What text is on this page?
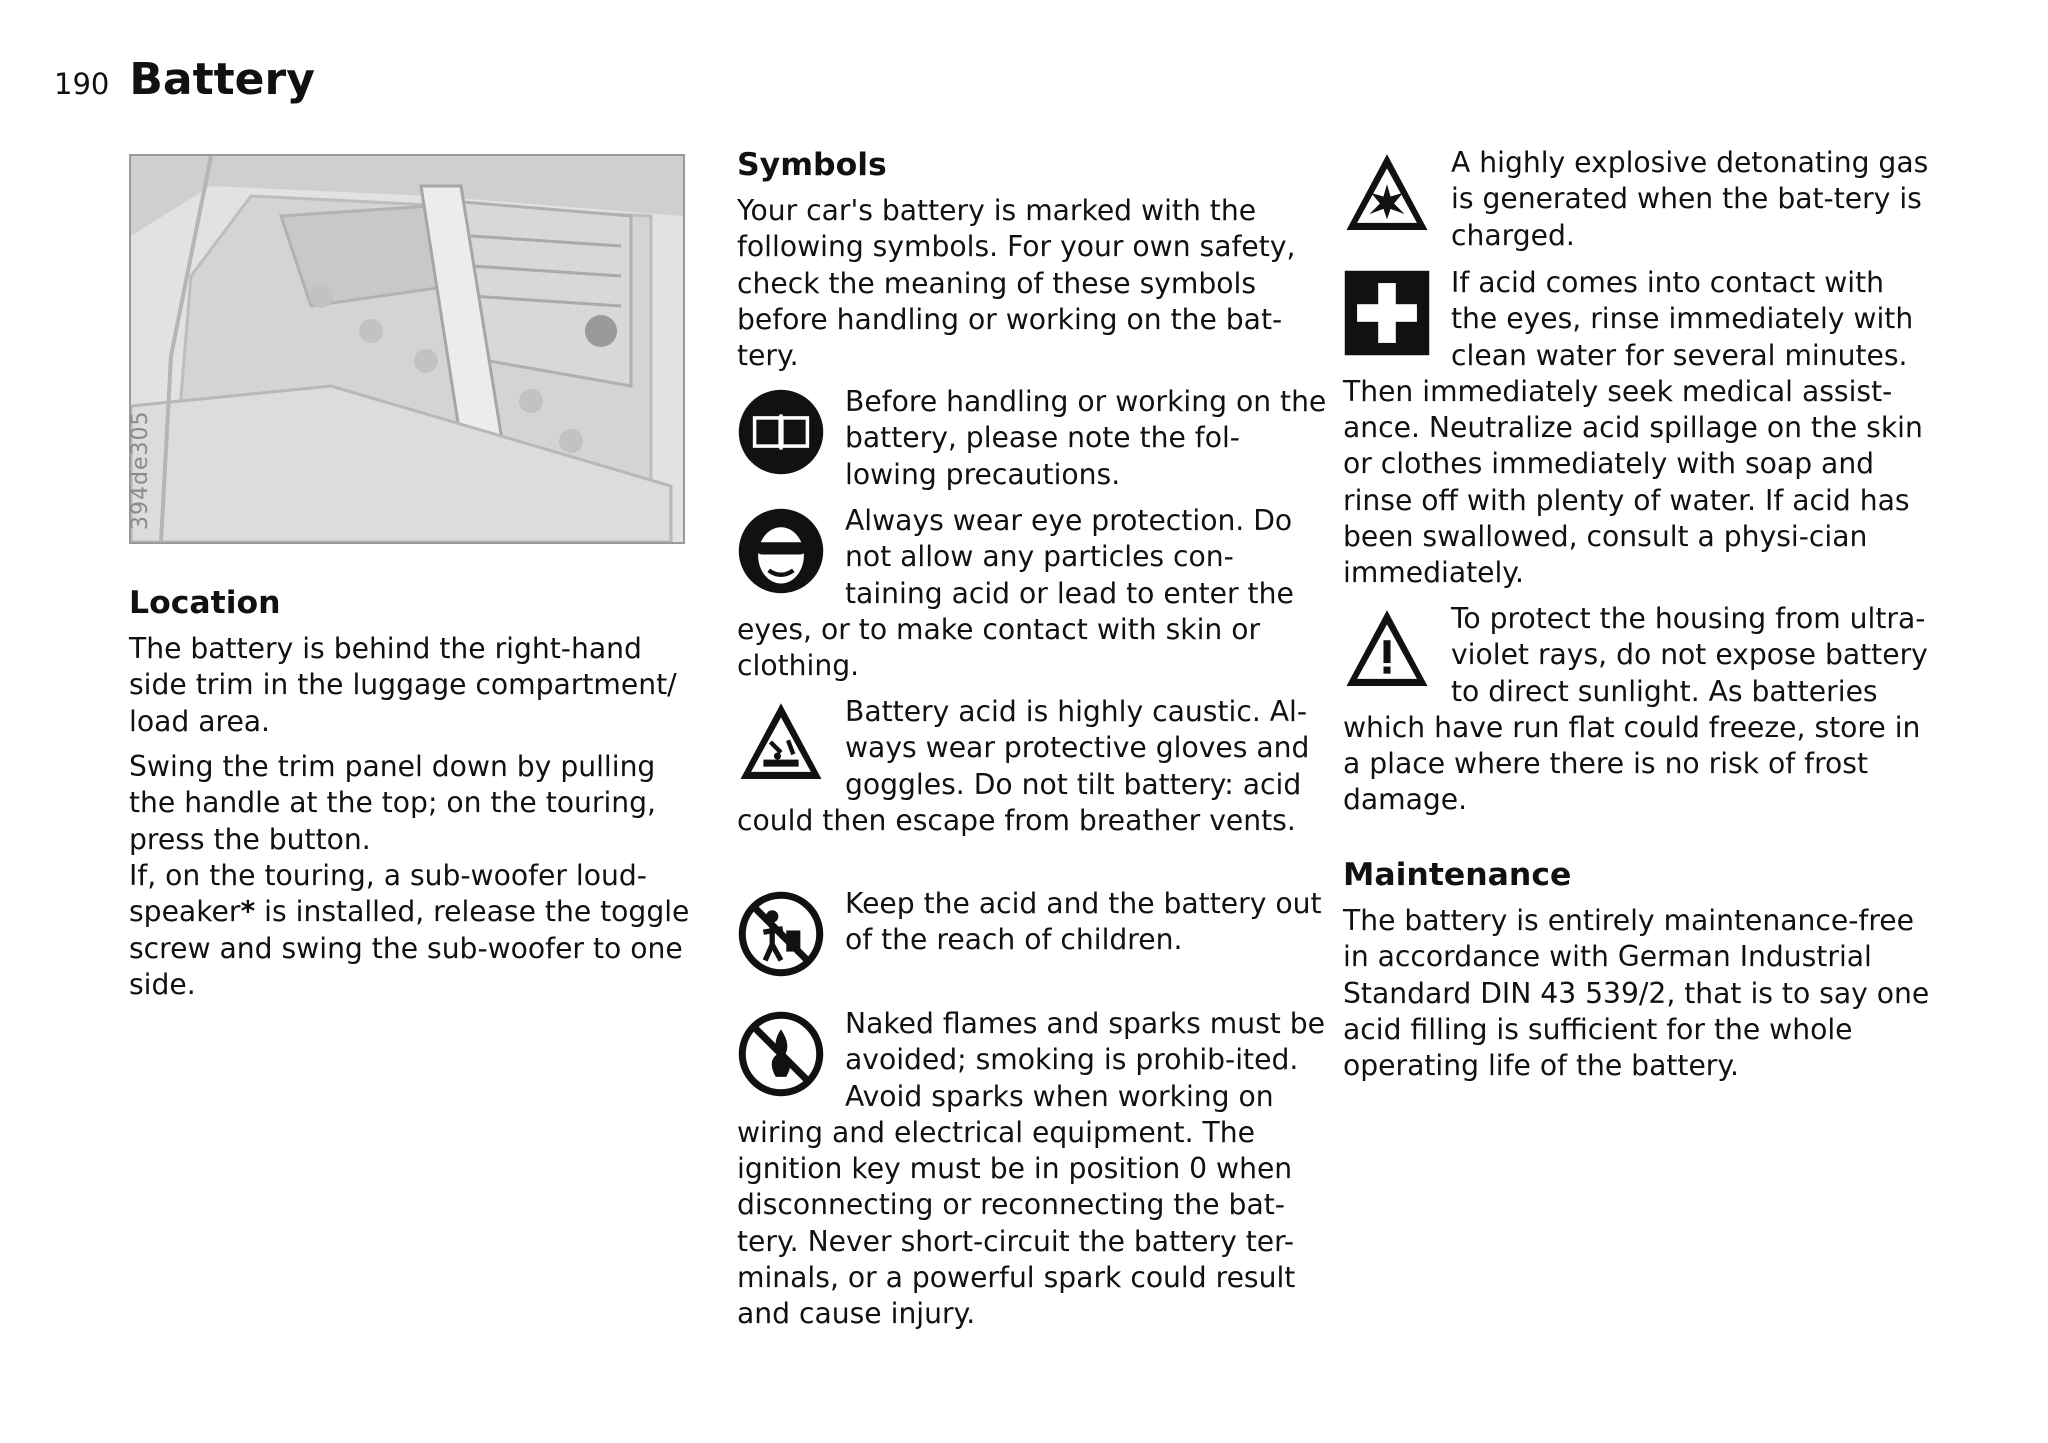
190 Battery
394de305
Location

The battery is behind the right-hand side trim in the luggage compartment/ load area.

Swing the trim panel down by pulling the handle at the top; on the touring, press the button.

If, on the touring, a sub-woofer loud-speaker* is installed, release the toggle screw and swing the sub-woofer to one side.

Symbols

Your car's battery is marked with the following symbols. For your own safety, check the meaning of these symbols before handling or working on the bat-tery.

Before handling or working on the battery, please note the fol-lowing precautions.

Always wear eye protection. Do not allow any particles con-taining acid or lead to enter the eyes, or to make contact with skin or clothing.

Battery acid is highly caustic. Al-ways wear protective gloves and goggles. Do not tilt battery: acid could then escape from breather vents.

Keep the acid and the battery out of the reach of children.

Naked flames and sparks must be avoided; smoking is prohib-ited. Avoid sparks when working on wiring and electrical equipment. The ignition key must be in position 0 when disconnecting or reconnecting the bat-tery. Never short-circuit the battery ter-minals, or a powerful spark could result and cause injury.

A highly explosive detonating gas is generated when the bat-tery is charged.

If acid comes into contact with the eyes, rinse immediately with clean water for several minutes. Then immediately seek medical assist-ance. Neutralize acid spillage on the skin or clothes immediately with soap and rinse off with plenty of water. If acid has been swallowed, consult a physi-cian immediately.

To protect the housing from ultra-violet rays, do not expose battery to direct sunlight. As batteries which have run flat could freeze, store in a place where there is no risk of frost damage.

Maintenance

The battery is entirely maintenance-free in accordance with German Industrial Standard DIN 43 539/2, that is to say one acid filling is sufficient for the whole operating life of the battery.
